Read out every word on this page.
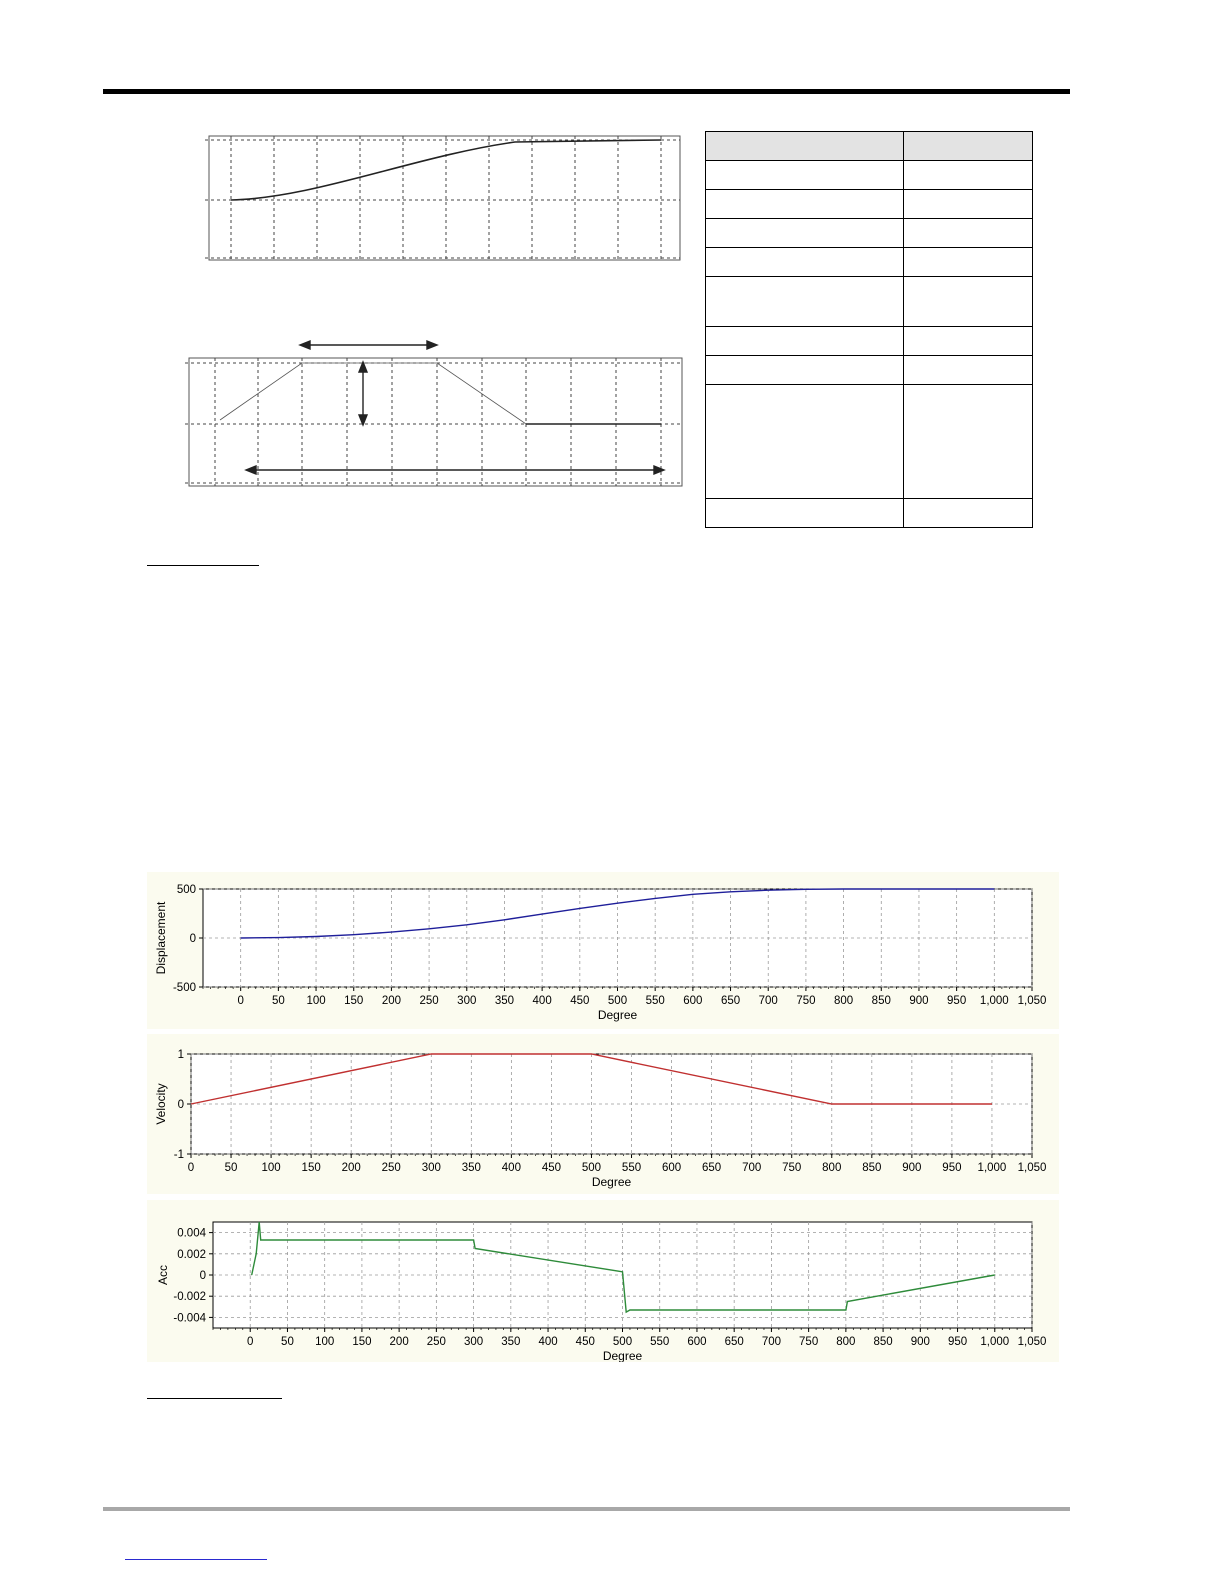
0 50 100 150 200 250 300 350 400 450 500 550 600 650 700 750 800 850 900 950 1,000 1,050
-500
0
500
Degree
Displacement
0	50 100 150 200 250 300 350 400 450 500 550 600 650 700 750 800 850 900 950 1,000 1,050
-1
0
1
Degree
Velocity
0 50 100 150 200 250 300 350 400 450 500 550 600 650 700 750 800 850 900 950 1,000 1,050
0.004
0.002
0
-0.002
-0.004
Degree
Acc
